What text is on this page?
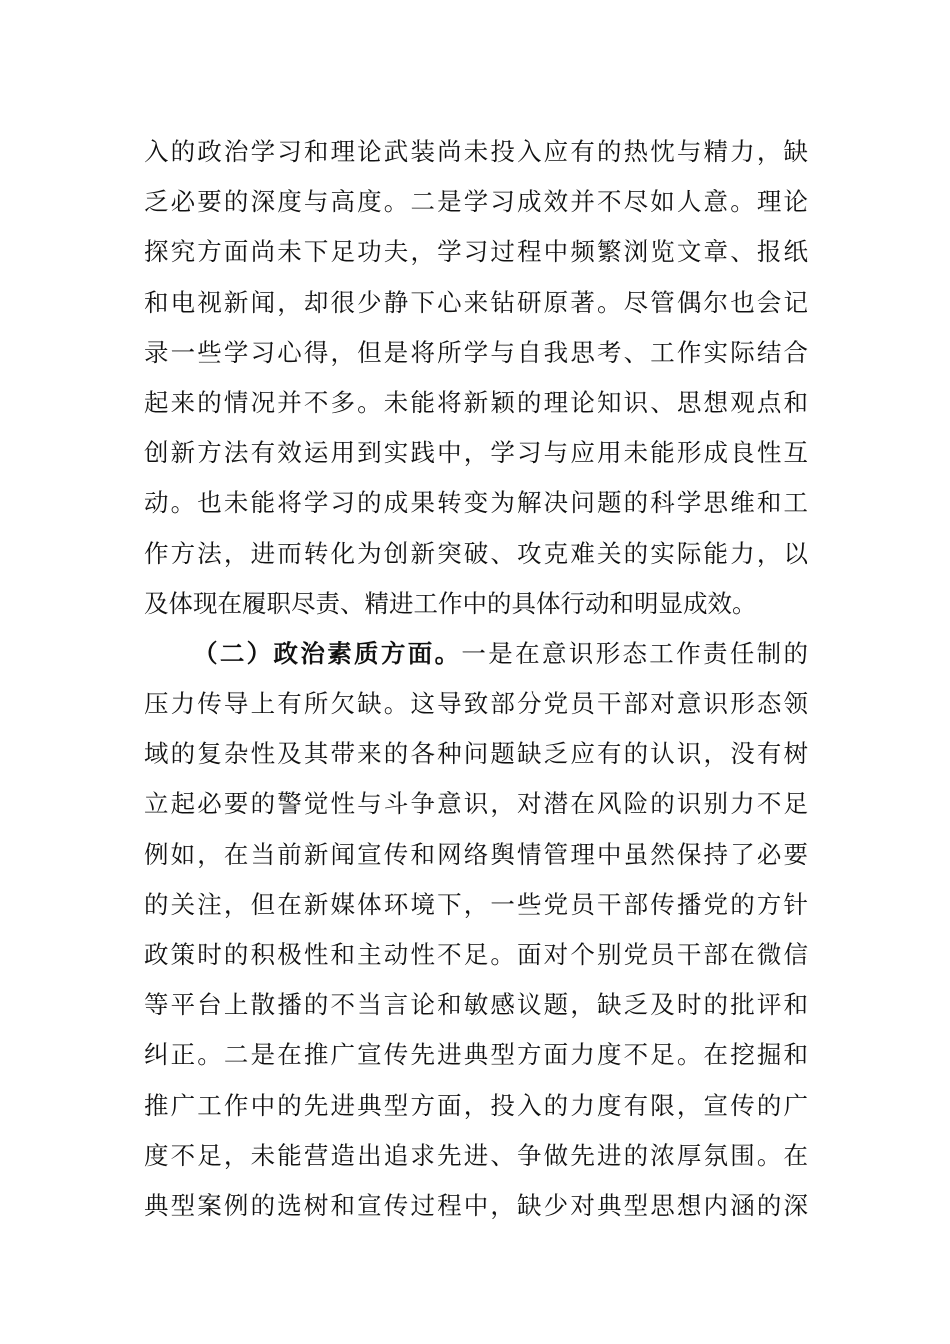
入的政治学习和理论武装尚未投入应有的热忱与精力，缺
乏必要的深度与高度。二是学习成效并不尽如人意。理论
探究方面尚未下足功夫，学习过程中频繁浏览文章、报纸
和电视新闻，却很少静下心来钻研原著。尽管偶尔也会记
录一些学习心得，但是将所学与自我思考、工作实际结合
起来的情况并不多。未能将新颖的理论知识、思想观点和
创新方法有效运用到实践中，学习与应用未能形成良性互
动。也未能将学习的成果转变为解决问题的科学思维和工
作方法，进而转化为创新突破、攻克难关的实际能力，以
及体现在履职尽责、精进工作中的具体行动和明显成效。
（二）政治素质方面。一是在意识形态工作责任制的
压力传导上有所欠缺。这导致部分党员干部对意识形态领
域的复杂性及其带来的各种问题缺乏应有的认识，没有树
立起必要的警觉性与斗争意识，对潜在风险的识别力不足
例如，在当前新闻宣传和网络舆情管理中虽然保持了必要
的关注，但在新媒体环境下，一些党员干部传播党的方针
政策时的积极性和主动性不足。面对个别党员干部在微信
等平台上散播的不当言论和敏感议题，缺乏及时的批评和
纠正。二是在推广宣传先进典型方面力度不足。在挖掘和
推广工作中的先进典型方面，投入的力度有限，宣传的广
度不足，未能营造出追求先进、争做先进的浓厚氛围。在
典型案例的选树和宣传过程中，缺少对典型思想内涵的深
